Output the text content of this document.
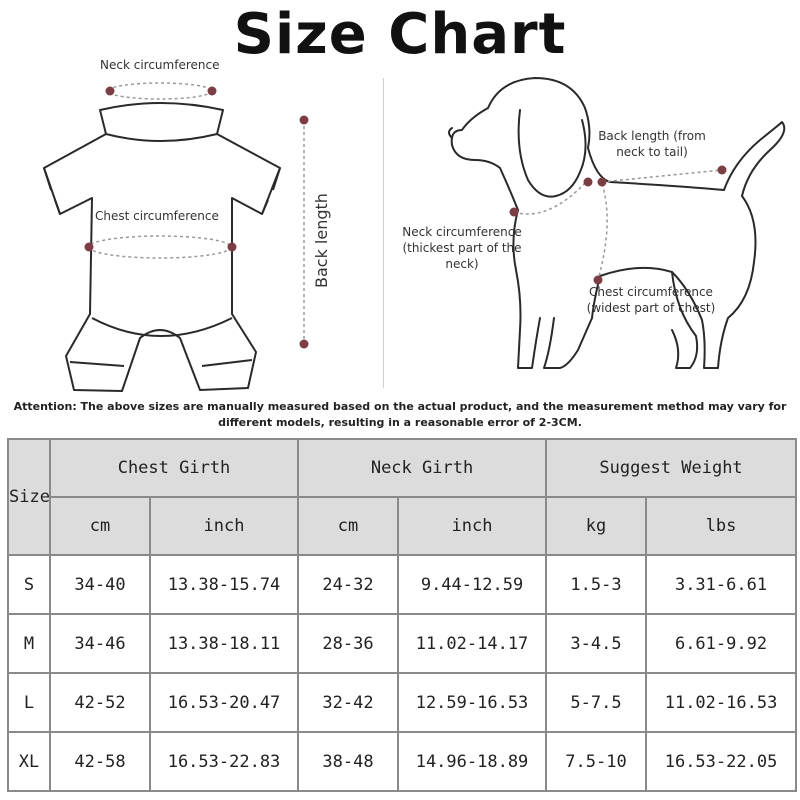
Size Chart
Neck circumference
Chest circumference	Back length
Back length (from neck to tail)
Neck circumference (thickest part of the neck)
Chest circumference (widest part of chest)
Attention: The above sizes are manually measured based on the actual product, and the measurement method may vary for different models, resulting in a reasonable error of 2-3CM.
Size	Chest Girth		Neck Girth		Suggest Weight	
	cm	inch	cm	inch	kg	lbs
S	34-40	13.38-15.74	24-32	9.44-12.59	1.5-3	3.31-6.61
M	34-46	13.38-18.11	28-36	11.02-14.17	3-4.5	6.61-9.92
L	42-52	16.53-20.47	32-42	12.59-16.53	5-7.5	11.02-16.53
XL	42-58	16.53-22.83	38-48	14.96-18.89	7.5-10	16.53-22.05
